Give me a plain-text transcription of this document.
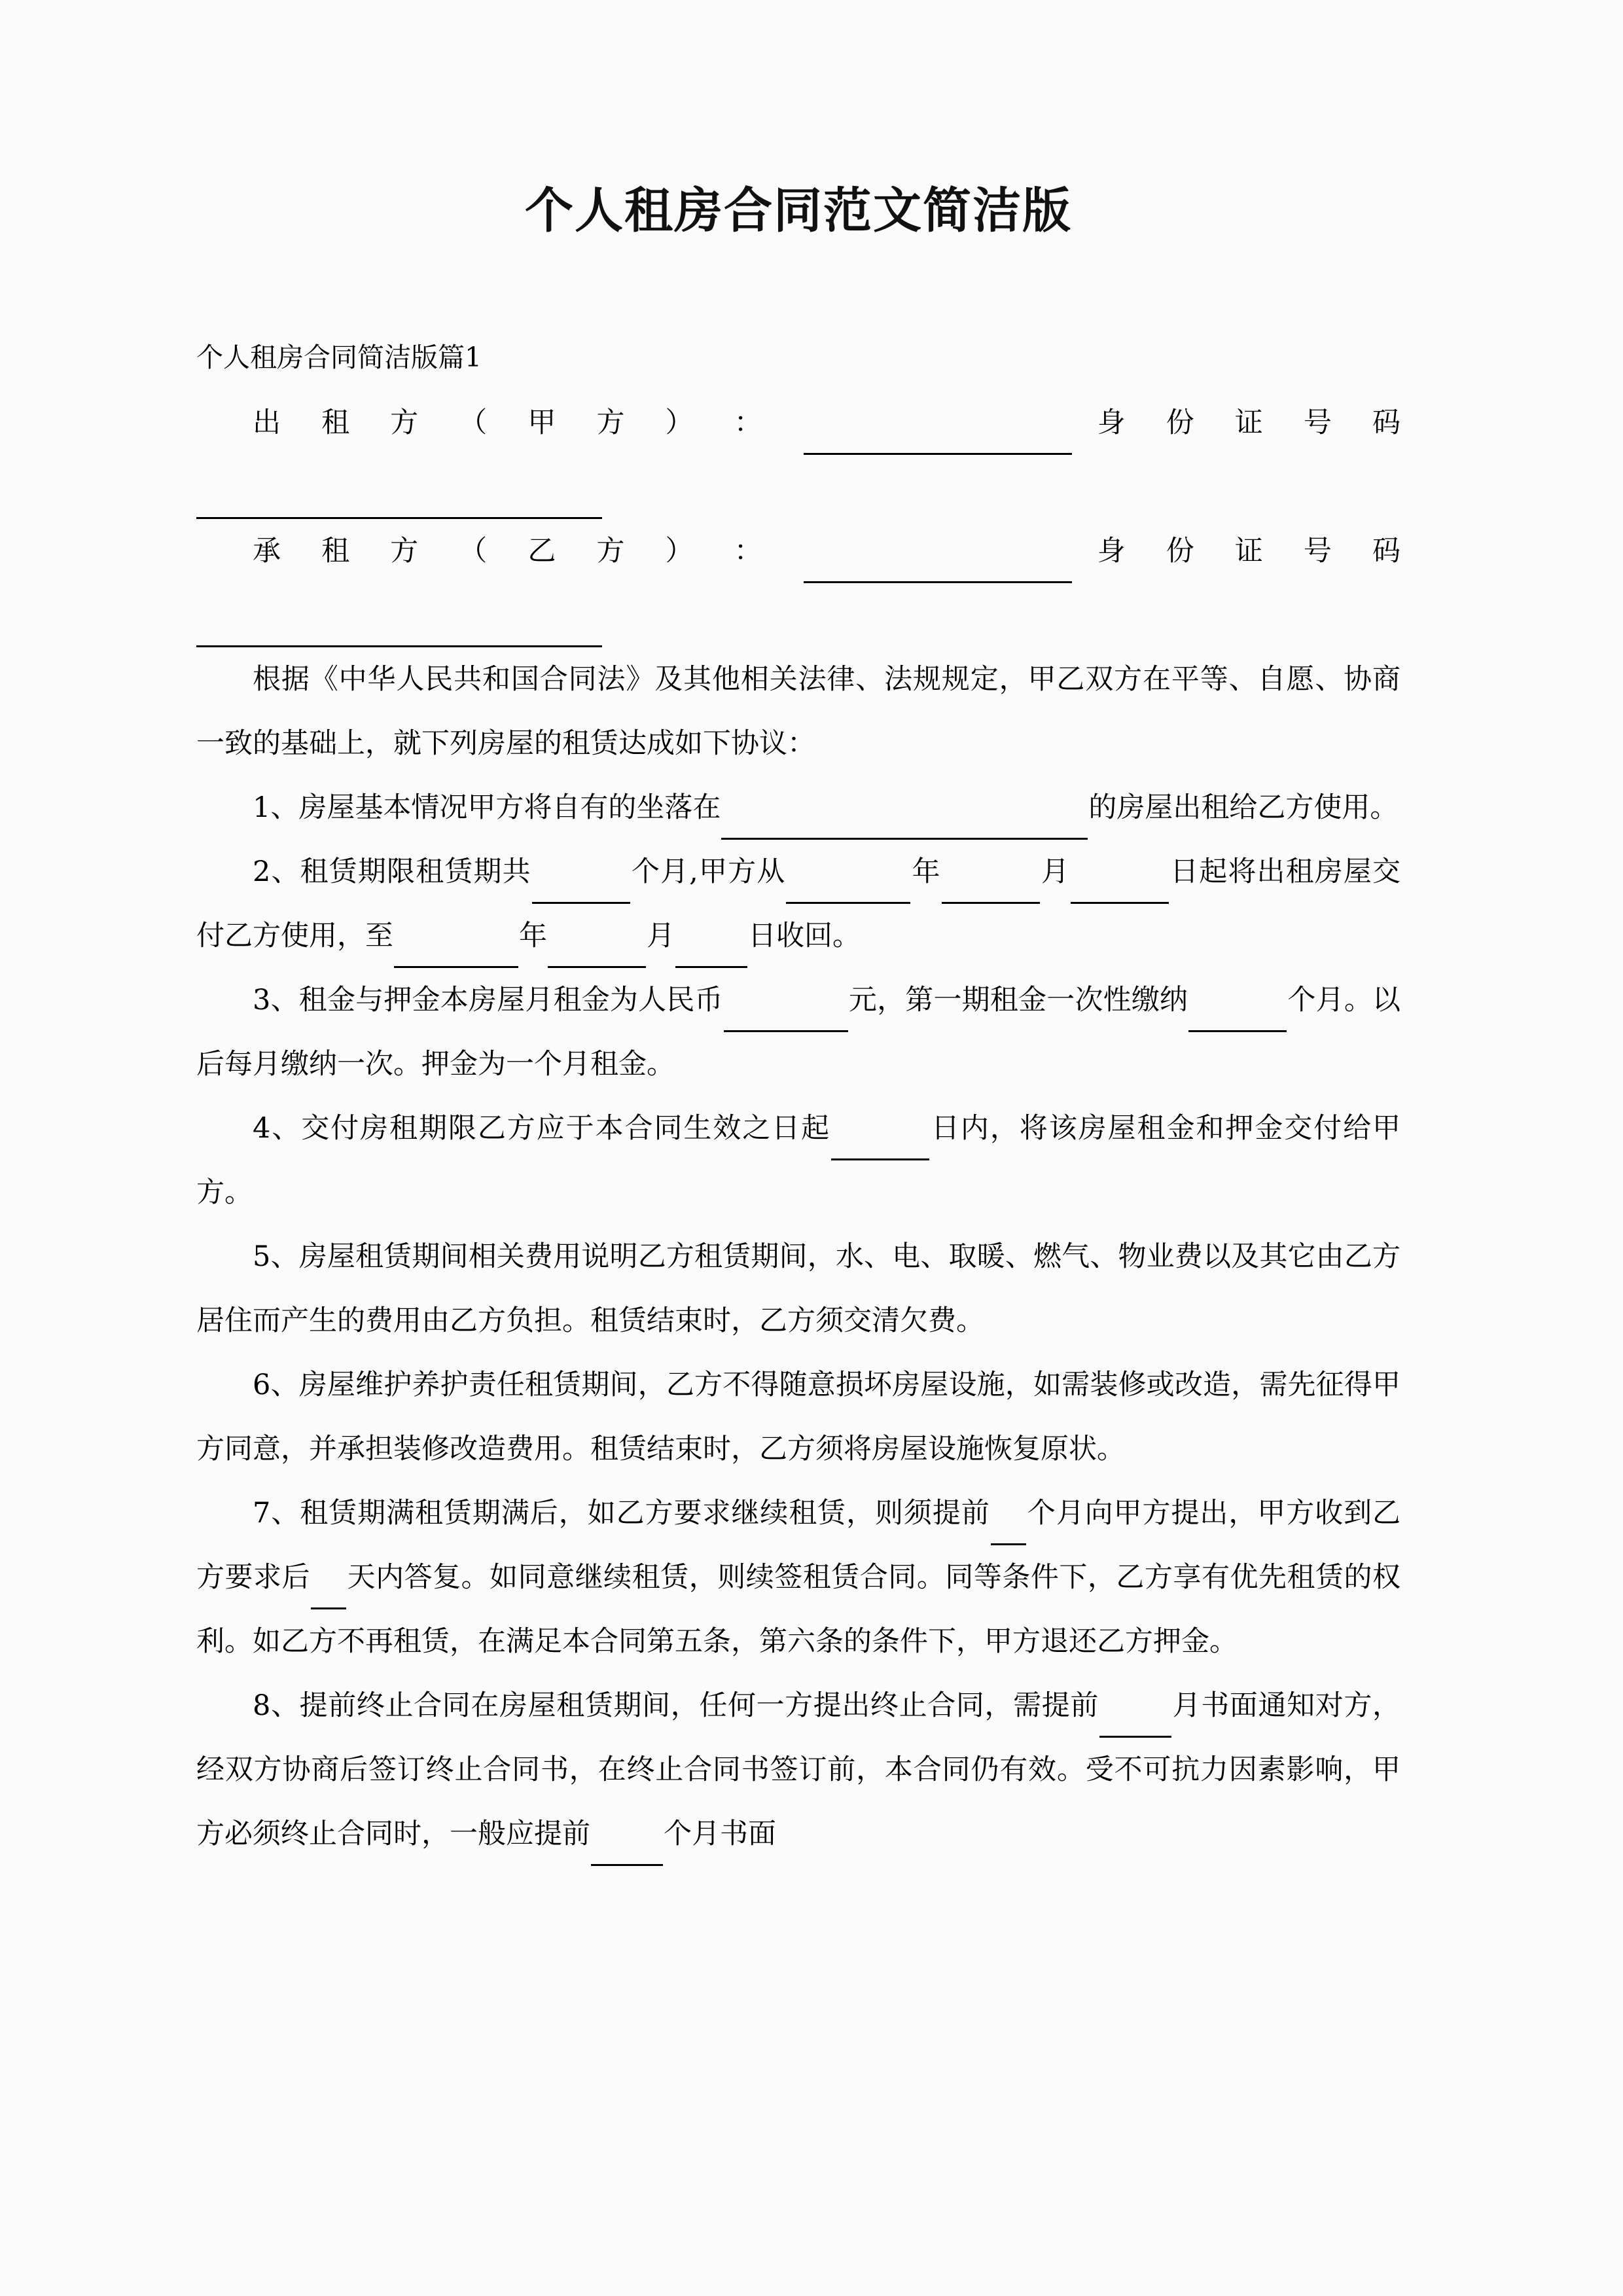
个人租房合同范文简洁版

个人租房合同简洁版篇1

出 租 方 （ 甲 方 ） ：	身 份 证 号 码

承 租 方 （ 乙 方 ） ：	身 份 证 号 码

根据《中华人民共和国合同法》及其他相关法律、法规规定，甲乙双方在平等、自愿、协商一致的基础上，就下列房屋的租赁达成如下协议：

1、房屋基本情况甲方将自有的坐落在	的房屋出租给乙方使用。

2、租赁期限租赁期共	个月,甲方从	年	月	日起将出租房屋交付乙方使用，至	年	月	日收回。

3、租金与押金本房屋月租金为人民币	元，第一期租金一次性缴纳	个月。以后每月缴纳一次。押金为一个月租金。

4、交付房租期限乙方应于本合同生效之日起	日内，将该房屋租金和押金交付给甲方。

5、房屋租赁期间相关费用说明乙方租赁期间，水、电、取暖、燃气、物业费以及其它由乙方居住而产生的费用由乙方负担。租赁结束时，乙方须交清欠费。

6、房屋维护养护责任租赁期间，乙方不得随意损坏房屋设施，如需装修或改造，需先征得甲方同意，并承担装修改造费用。租赁结束时，乙方须将房屋设施恢复原状。

7、租赁期满租赁期满后，如乙方要求继续租赁，则须提前 个月向甲方提出，甲方收到乙方要求后 天内答复。如同意继续租赁，则续签租赁合同。同等条件下，乙方享有优先租赁的权利。如乙方不再租赁，在满足本合同第五条，第六条的条件下，甲方退还乙方押金。

8、提前终止合同在房屋租赁期间，任何一方提出终止合同，需提前	月书面通知对方，经双方协商后签订终止合同书，在终止合同书签订前，本合同仍有效。受不可抗力因素影响，甲方必须终止合同时，一般应提前	个月书面
